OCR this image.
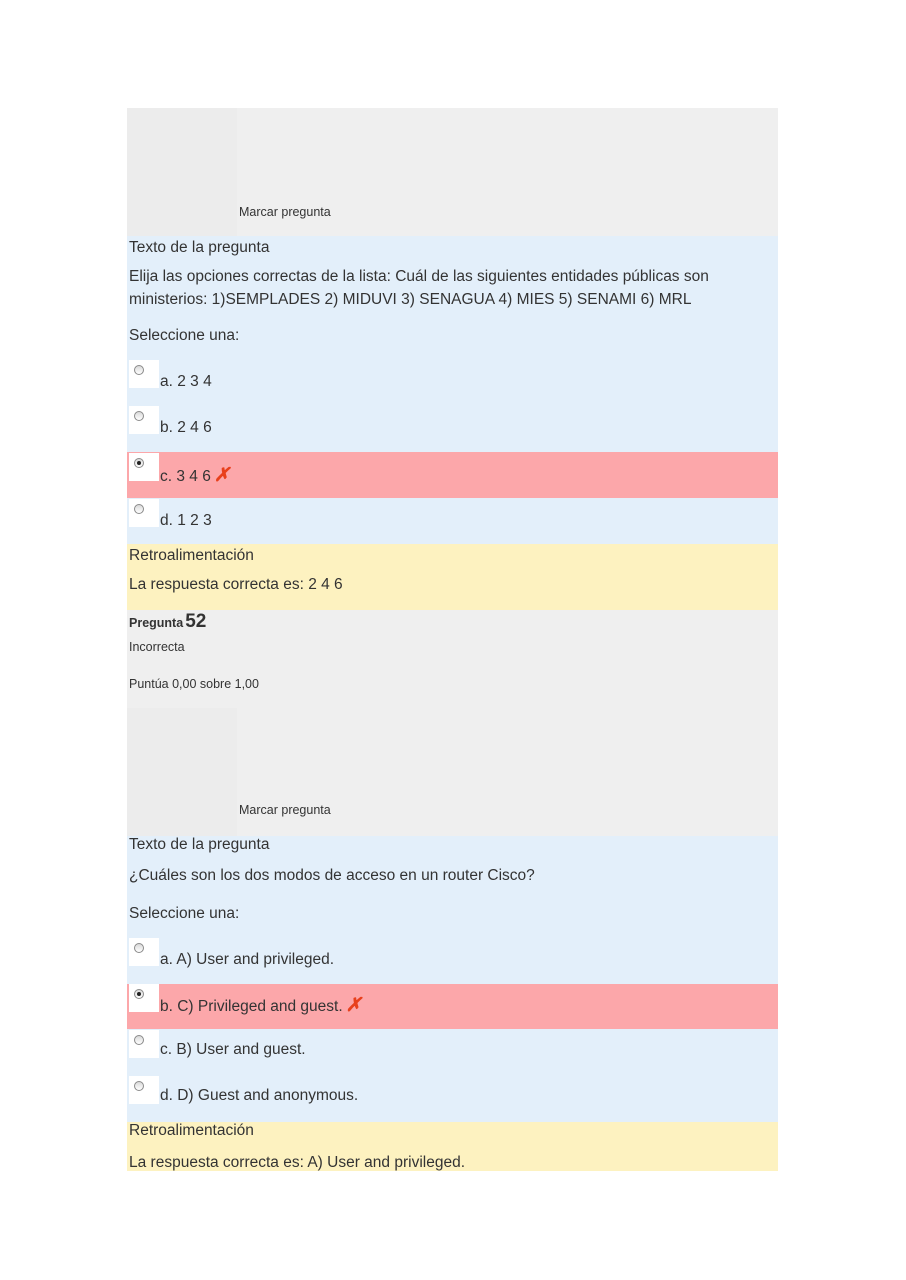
Marcar pregunta
Texto de la pregunta
Elija las opciones correctas de la lista: Cuál de las siguientes entidades públicas son
ministerios: 1)SEMPLADES 2) MIDUVI 3) SENAGUA 4) MIES 5) SENAMI 6) MRL
Seleccione una:
a. 2 3 4
b. 2 4 6
c. 3 4 6 ✗
d. 1 2 3
Retroalimentación
La respuesta correcta es: 2 4 6
Pregunta 52
Incorrecta
Puntúa 0,00 sobre 1,00
Marcar pregunta
Texto de la pregunta
¿Cuáles son los dos modos de acceso en un router Cisco?
Seleccione una:
a. A) User and privileged.
b. C) Privileged and guest. ✗
c. B) User and guest.
d. D) Guest and anonymous.
Retroalimentación
La respuesta correcta es: A) User and privileged.
